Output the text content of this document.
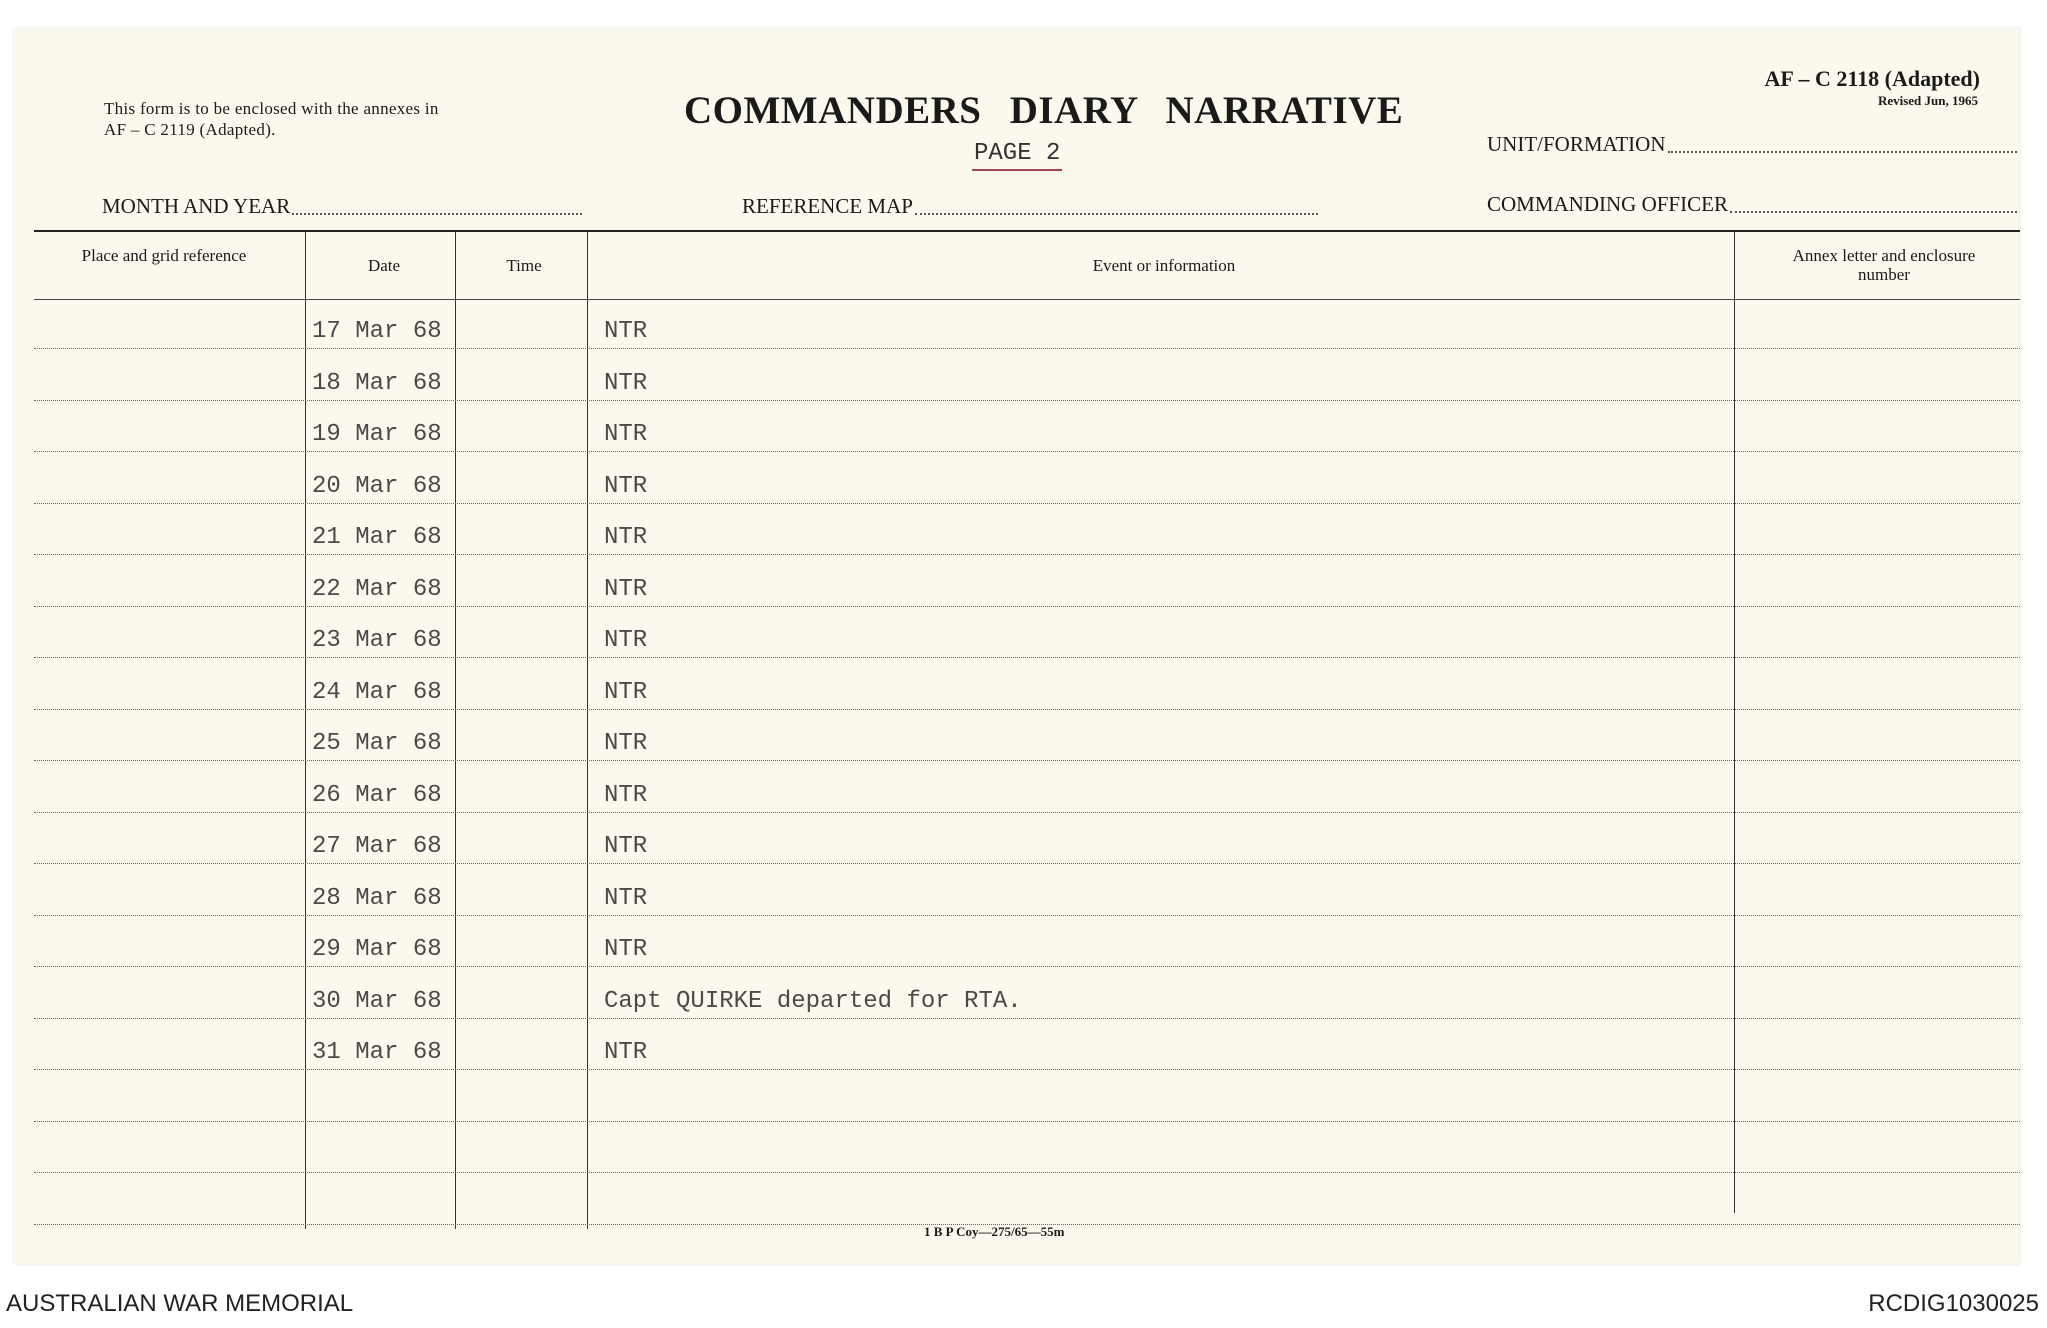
This form is to be enclosed with the annexes in AF – C 2119 (Adapted).	COMMANDERS DIARY NARRATIVE
PAGE 2
AF – C 2118 (Adapted)
Revised Jun, 1965
UNIT/FORMATION
MONTH AND YEAR	REFERENCE MAP	COMMANDING OFFICER
Place and grid reference
Date	Time	Event or information
Annex letter and enclosure number
17 Mar 68	NTR
18 Mar 68	NTR
19 Mar 68	NTR
20 Mar 68	NTR
21 Mar 68	NTR
22 Mar 68	NTR
23 Mar 68	NTR
24 Mar 68	NTR
25 Mar 68	NTR
26 Mar 68	NTR
27 Mar 68	NTR
28 Mar 68	NTR
29 Mar 68	NTR
30 Mar 68	Capt QUIRKE departed for RTA.
31 Mar 68	NTR
1 B P Coy—275/65—55m
AUSTRALIAN WAR MEMORIAL	RCDIG1030025
